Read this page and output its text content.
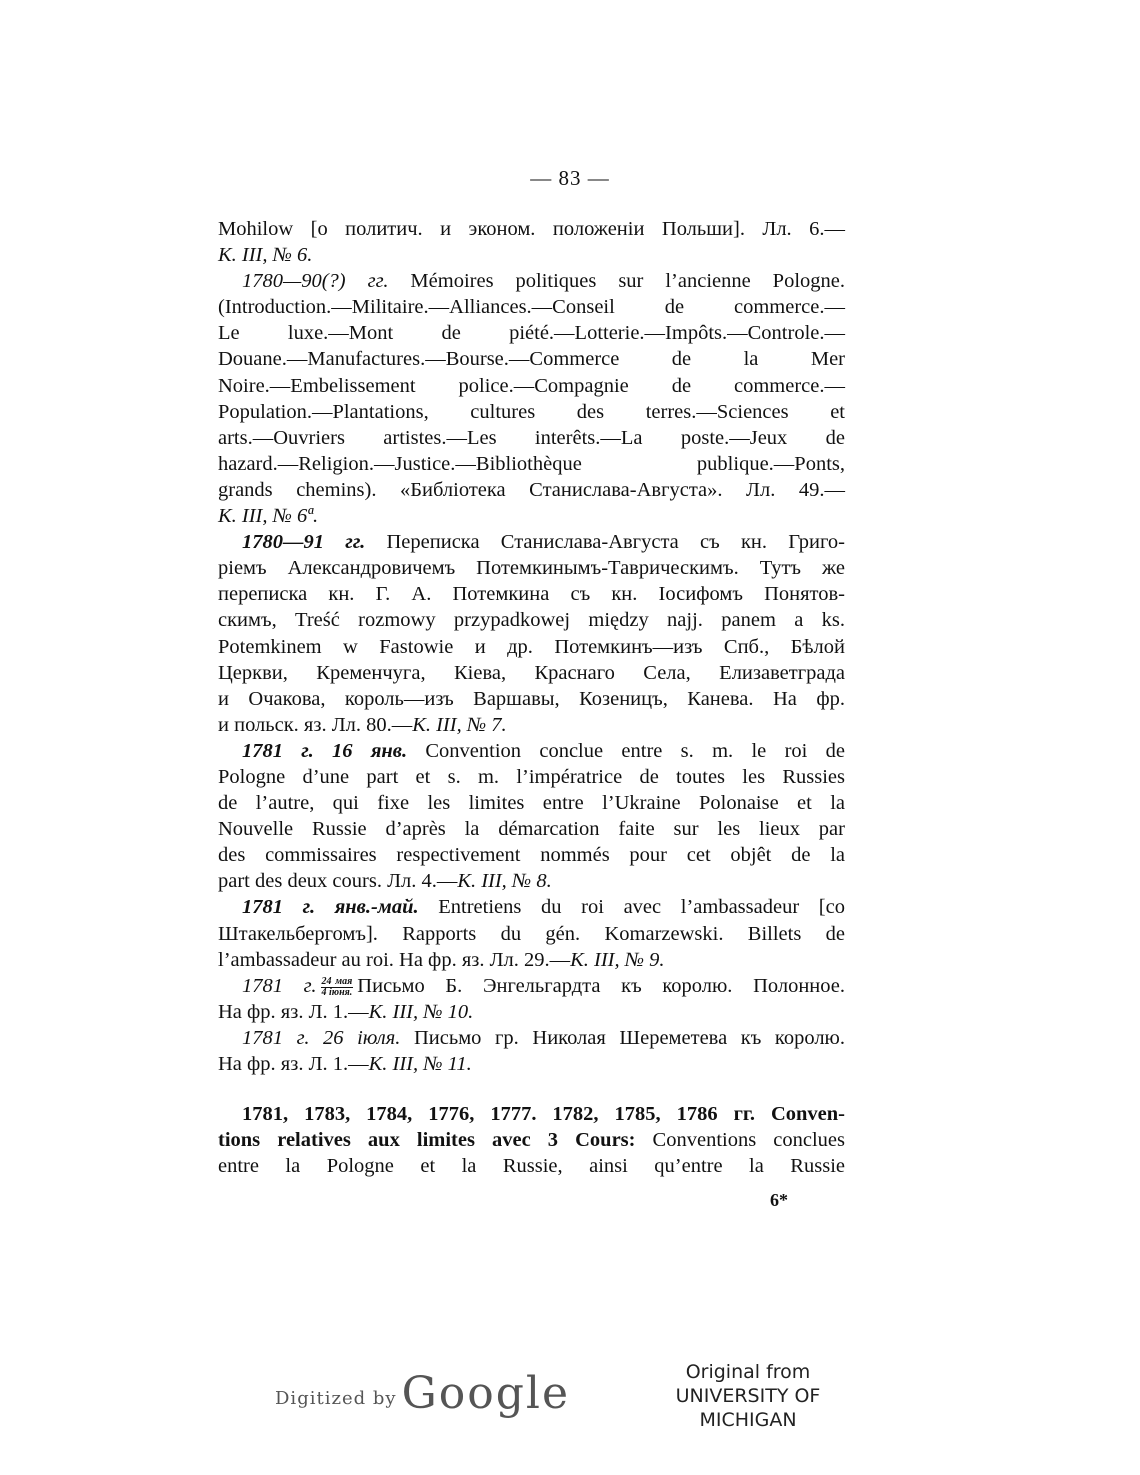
— 83 —
Mohilow [о политич. и эконом. положеніи Польши]. Лл. 6.—
К. III, № 6.
1780—90(?) гг. Mémoires politiques sur l’ancienne Pologne.
(Introduction.—Militaire.—Alliances.—Conseil de commerce.—
Le luxe.—Mont de piété.—Lotterie.—Impôts.—Controle.—
Douane.—Manufactures.—Bourse.—Commerce de la Mer
Noire.—Embelissement police.—Compagnie de commerce.—
Population.—Plantations, cultures des terres.—Sciences et
arts.—Ouvriers artistes.—Les interêts.—La poste.—Jeux de
hazard.—Religion.—Justice.—Bibliothèque publique.—Ponts,
grands chemins). «Библіотека Станислава-Августа». Лл. 49.—
К. III, № 6ª.
1780—91 гг. Переписка Станислава-Августа съ кн. Григо-
ріемъ Александровичемъ Потемкинымъ-Таврическимъ. Тутъ же
переписка кн. Г. А. Потемкина съ кн. Іосифомъ Понятов-
скимъ, Treść rozmowy przypadkowej między najj. panem a ks.
Potemkinem w Fastowie и др. Потемкинъ—изъ Спб., Бѣлой
Церкви, Кременчуга, Кіева, Краснаго Села, Елизаветграда
и Очакова, король—изъ Варшавы, Козеницъ, Канева. На фр.
и польск. яз. Лл. 80.—К. III, № 7.
1781 г. 16 янв. Convention conclue entre s. m. le roi de
Pologne d’une part et s. m. l’impératrice de toutes les Russies
de l’autre, qui fixe les limites entre l’Ukraine Polonaise et la
Nouvelle Russie d’après la démarcation faite sur les lieux par
des commissaires respectivement nommés pour cet objêt de la
part des deux cours. Лл. 4.—К. III, № 8.
1781 г. янв.-май. Entretiens du roi avec l’ambassadeur [со
Штакельбергомъ]. Rapports du gén. Komarzewski. Billets de
l’ambassadeur au roi. На фр. яз. Лл. 29.—К. III, № 9.
1781 г. $\frac{\text{24 мая}}{\text{4 іюня.}}$ Письмо Б. Энгельгардта къ королю. Полонное.
На фр. яз. Л. 1.—К. III, № 10.
1781 г. 26 іюля. Письмо гр. Николая Шереметева къ королю.
На фр. яз. Л. 1.—К. III, № 11.
1781, 1783, 1784, 1776, 1777. 1782, 1785, 1786 гг. Conven-
tions relatives aux limites avec 3 Cours: Conventions conclues
entre la Pologne et la Russie, ainsi qu’entre la Russie
6*
Digitized by Google	Original from
UNIVERSITY OF MICHIGAN
